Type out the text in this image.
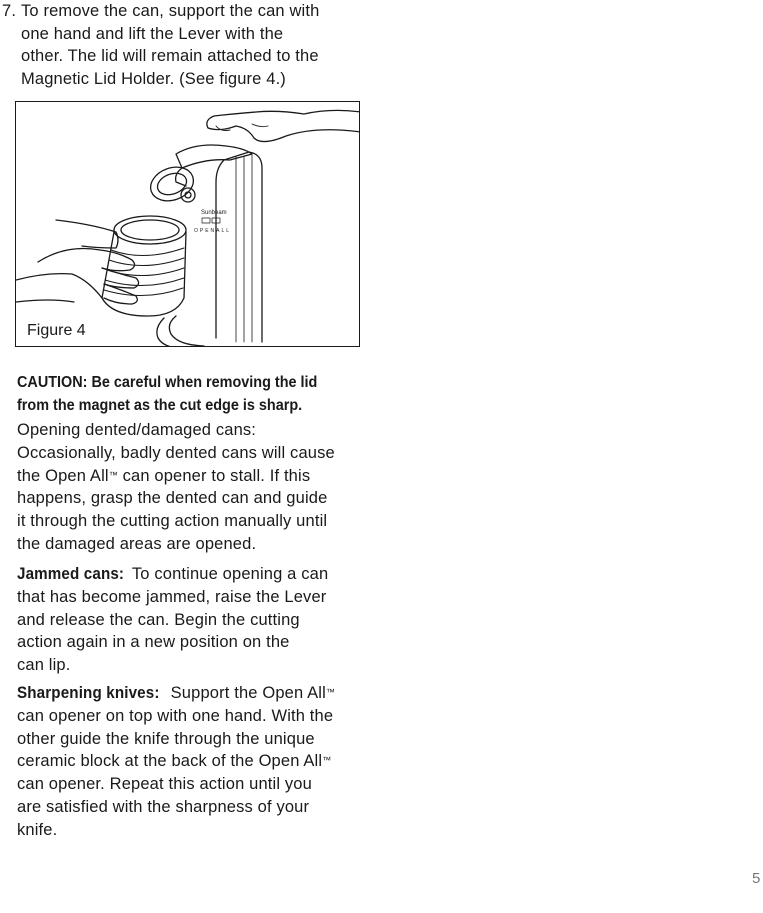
7. To remove the can, support the can with
one hand and lift the Lever with the
other. The lid will remain attached to the
Magnetic Lid Holder. (See figure 4.)
Sunbeam
OPENALL
Figure 4
CAUTION: Be careful when removing the lid
from the magnet as the cut edge is sharp.
Opening dented/damaged cans:
Occasionally, badly dented cans will cause
the Open All™ can opener to stall. If this
happens, grasp the dented can and guide
it through the cutting action manually until
the damaged areas are opened.
Jammed cans: To continue opening a can
that has become jammed, raise the Lever
and release the can. Begin the cutting
action again in a new position on the
can lip.
Sharpening knives: Support the Open All™
can opener on top with one hand. With the
other guide the knife through the unique
ceramic block at the back of the Open All™
can opener. Repeat this action until you
are satisfied with the sharpness of your
knife.
5
